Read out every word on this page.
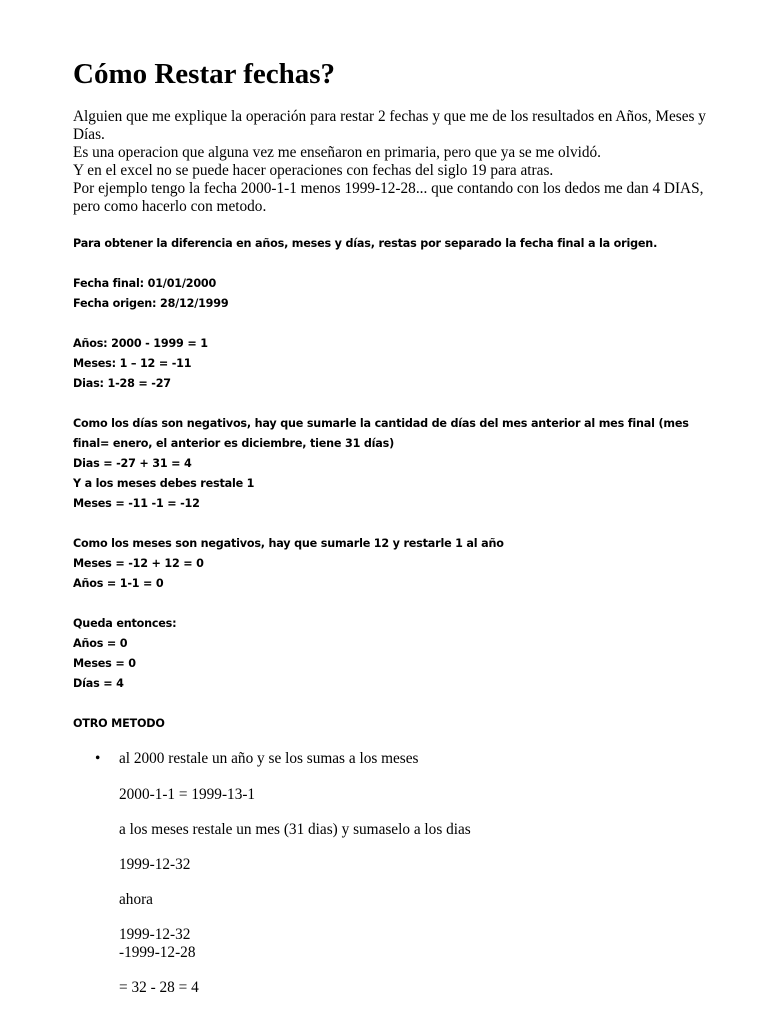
Cómo Restar fechas?

Alguien que me explique la operación para restar 2 fechas y que me de los resultados en Años, Meses y Días.

Es una operacion que alguna vez me enseñaron en primaria, pero que ya se me olvidó.

Y en el excel no se puede hacer operaciones con fechas del siglo 19 para atras.

Por ejemplo tengo la fecha 2000-1-1 menos 1999-12-28... que contando con los dedos me dan 4 DIAS, pero como hacerlo con metodo.

Para obtener la diferencia en años, meses y días, restas por separado la fecha final a la origen.

Fecha final: 01/01/2000

Fecha origen: 28/12/1999

Años: 2000 - 1999 = 1

Meses: 1 – 12 = -11

Dias: 1-28 = -27

Como los días son negativos, hay que sumarle la cantidad de días del mes anterior al mes final (mes final= enero, el anterior es diciembre, tiene 31 días)

Dias = -27 + 31 = 4

Y a los meses debes restale 1

Meses = -11 -1 = -12

Como los meses son negativos, hay que sumarle 12 y restarle 1 al año

Meses = -12 + 12 = 0

Años = 1-1 = 0

Queda entonces:

Años = 0

Meses = 0

Días = 4

OTRO METODO

• al 2000 restale un año y se los sumas a los meses

2000-1-1 = 1999-13-1

a los meses restale un mes (31 dias) y sumaselo a los dias

1999-12-32

ahora

1999-12-32

-1999-12-28

= 32 - 28 = 4
